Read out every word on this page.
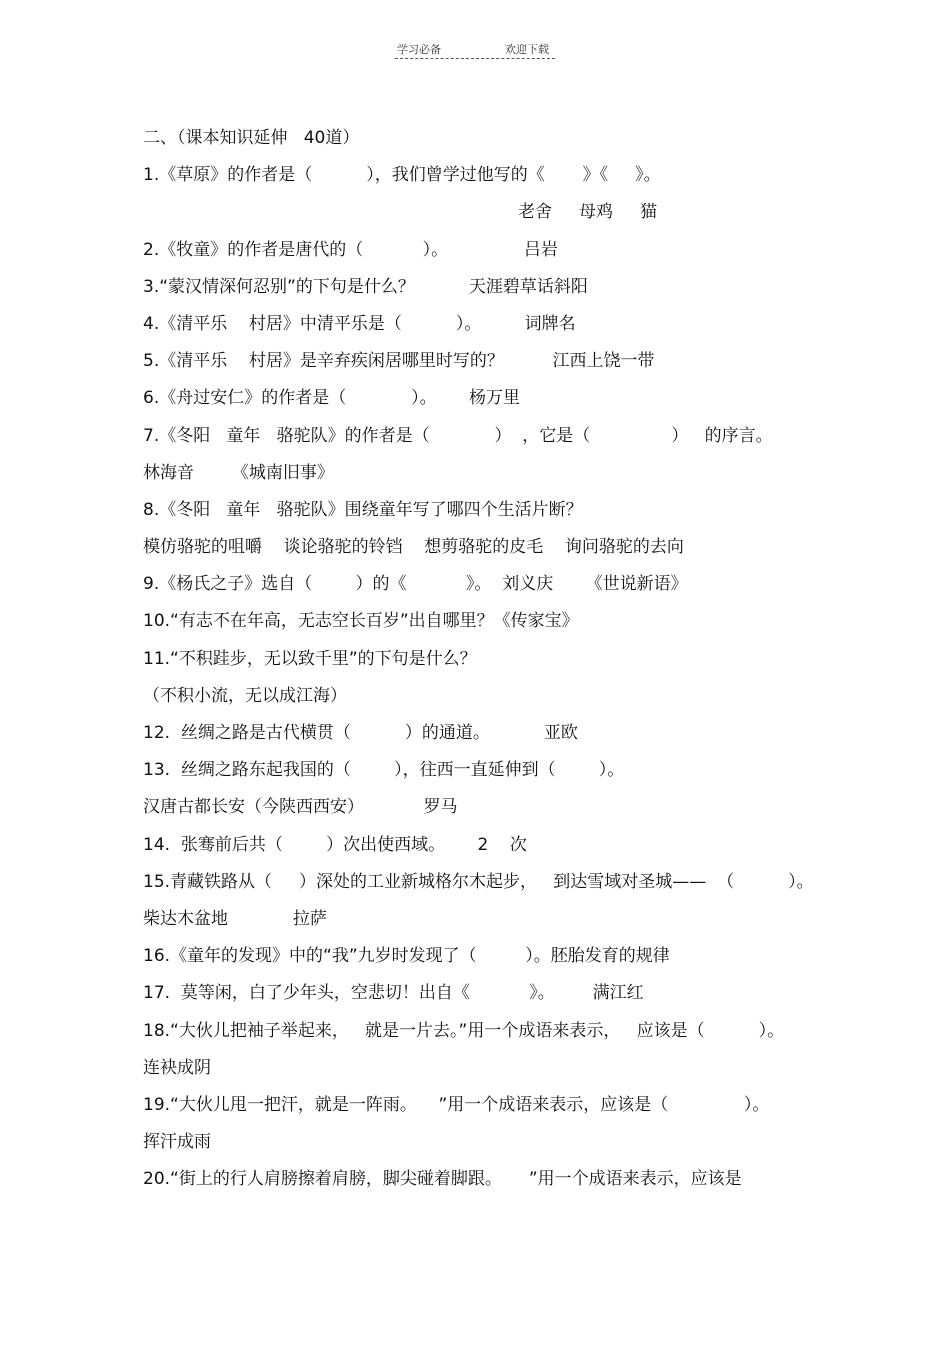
学习必备	欢迎下载
二、（课本知识延伸   40道）
1.《草原》的作者是（          ），我们曾学过他写的《       》《     》。
老舍     母鸡     猫
2.《牧童》的作者是唐代的（           ）。              吕岩
3.“蒙汉情深何忍别”的下句是什么？          天涯碧草话斜阳
4.《清平乐    村居》中清平乐是（          ）。        词牌名
5.《清平乐    村居》是辛弃疾闲居哪里时写的？         江西上饶一带
6.《舟过安仁》的作者是（            ）。      杨万里
7.《冬阳   童年   骆驼队》的作者是（            ）  ，它是（               ）   的序言。
林海音       《城南旧事》
8.《冬阳   童年   骆驼队》围绕童年写了哪四个生活片断？
模仿骆驼的咀嚼    谈论骆驼的铃铛    想剪骆驼的皮毛    询问骆驼的去向
9.《杨氏之子》选自（        ）的《           》。  刘义庆      《世说新语》
10.“有志不在年高，无志空长百岁”出自哪里？《传家宝》
11.“不积跬步，无以致千里”的下句是什么？
（不积小流，无以成江海）
12.  丝绸之路是古代横贯（          ）的通道。          亚欧
13.  丝绸之路东起我国的（        ），往西一直延伸到（        ）。
汉唐古都长安（今陕西西安）           罗马
14.  张骞前后共（        ）次出使西域。      2    次
15.青藏铁路从（     ）深处的工业新城格尔木起步，   到达雪域对圣城——  （          ）。
柴达木盆地            拉萨
16.《童年的发现》中的“我”九岁时发现了（         ）。胚胎发育的规律
17.  莫等闲，白了少年头，空悲切！出自《           》。       满江红
18.“大伙儿把袖子举起来，   就是一片去。”用一个成语来表示，   应该是（          ）。
连袂成阴
19.“大伙儿甩一把汗，就是一阵雨。    ”用一个成语来表示，应该是（              ）。
挥汗成雨
20.“街上的行人肩膀擦着肩膀，脚尖碰着脚跟。     ”用一个成语来表示，应该是
